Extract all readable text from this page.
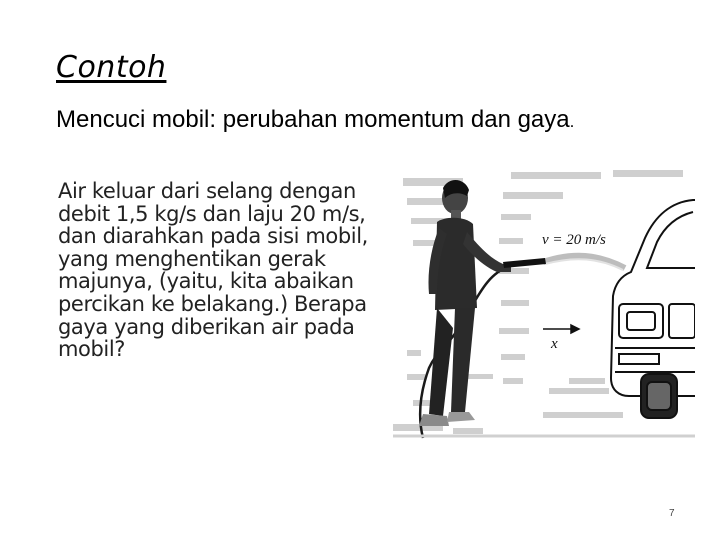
Contoh
Mencuci mobil: perubahan momentum dan gaya.
Air keluar dari selang dengan debit 1,5 kg/s dan laju 20 m/s, dan diarahkan pada sisi mobil, yang menghentikan gerak majunya, (yaitu, kita abaikan percikan ke belakang.) Berapa gaya yang diberikan air pada mobil?
v = 20 m/s
x
7
